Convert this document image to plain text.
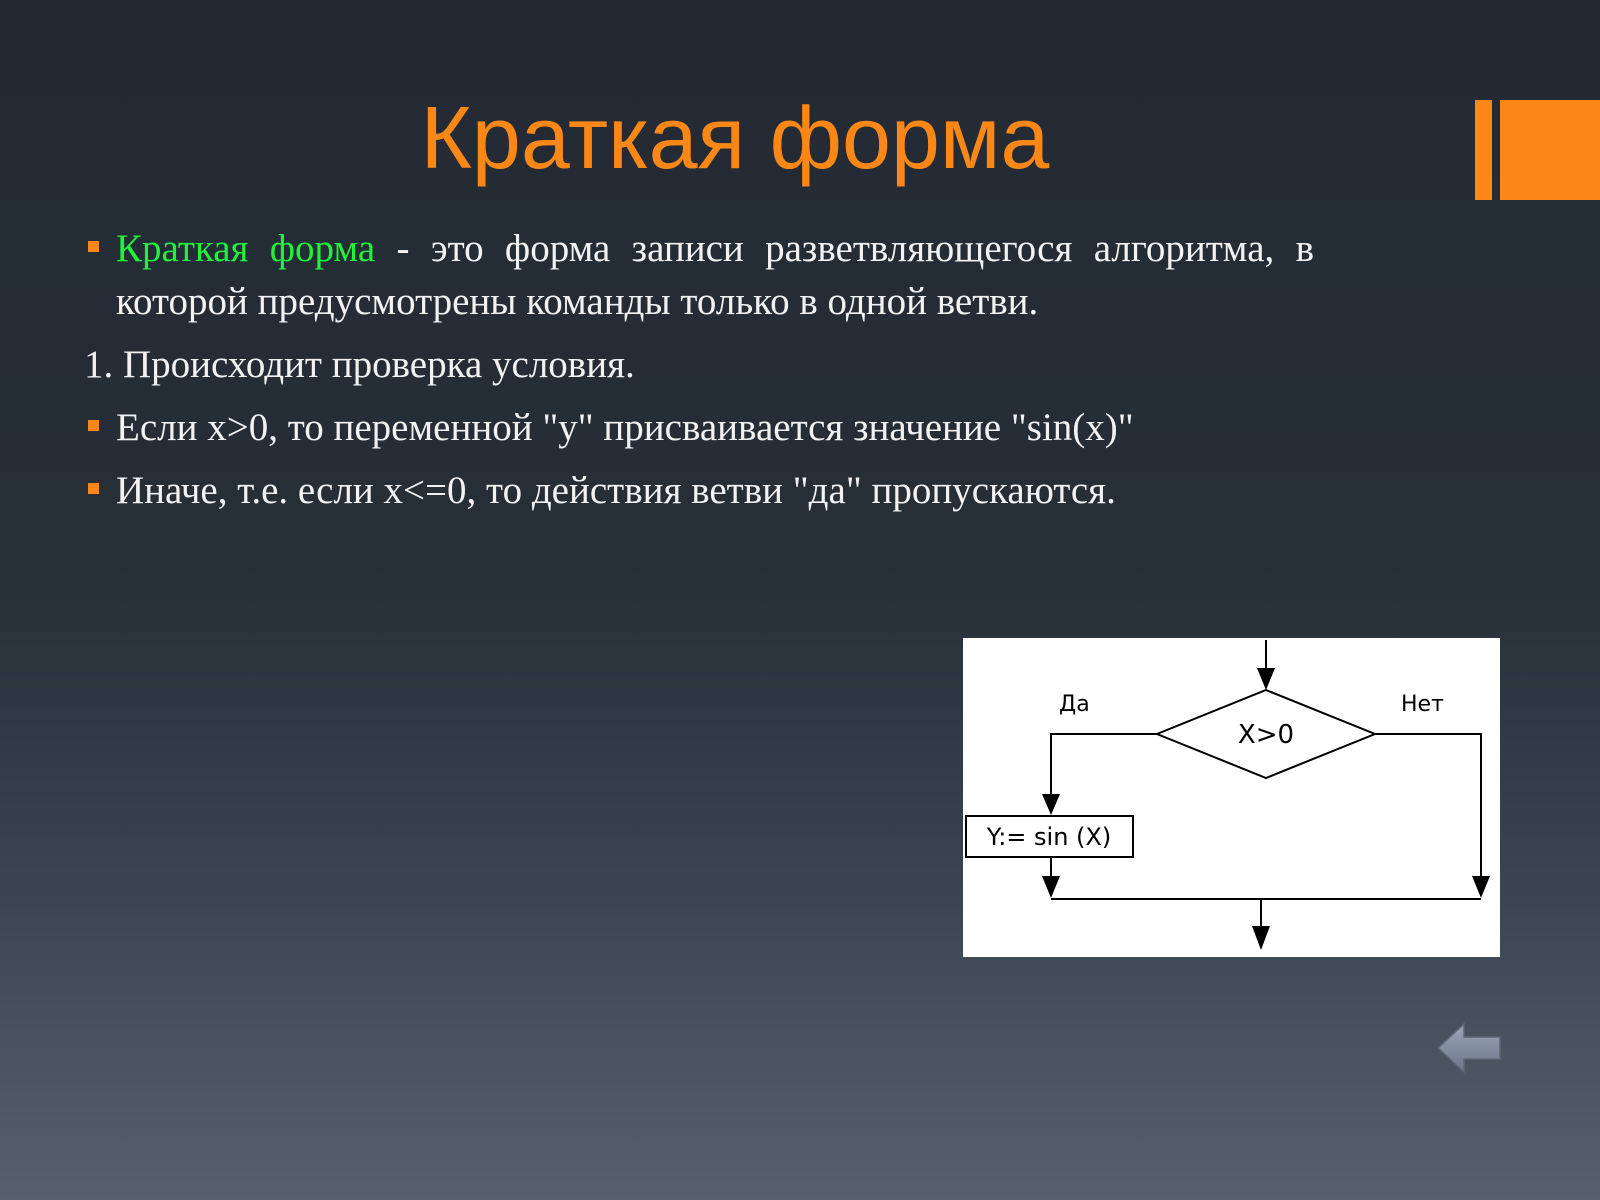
Краткая форма

Краткая форма - это форма записи разветвляющегося алгоритма, в которой предусмотрены команды только в одной ветви.

1. Происходит проверка условия.

Если x>0, то переменной "y" присваивается значение "sin(x)"

Иначе, т.е. если x<=0, то действия ветви "да" пропускаются.

X>0
Да	Нет
Y:= sin (X)
